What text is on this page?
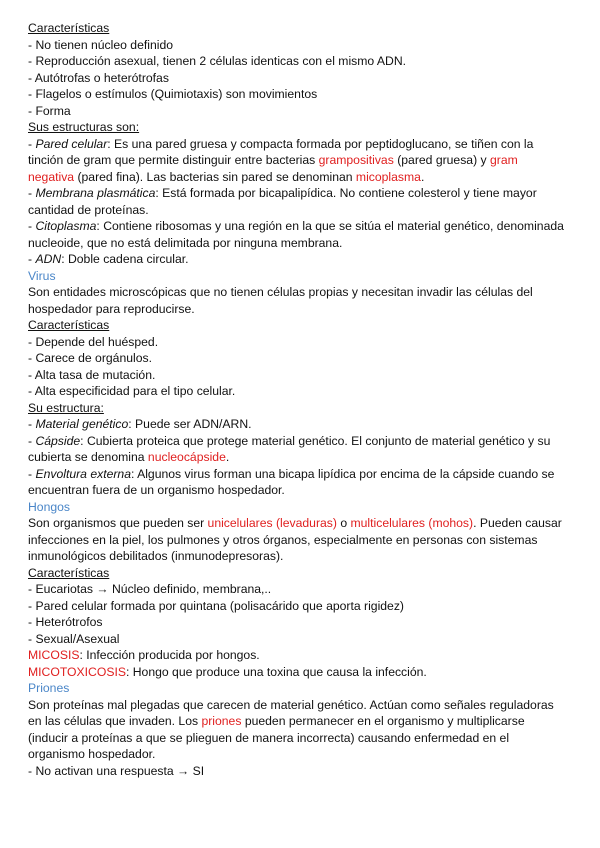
Características
- No tienen núcleo definido
- Reproducción asexual, tienen 2 células identicas con el mismo ADN.
- Autótrofas o heterótrofas
- Flagelos o estímulos (Quimiotaxis) son movimientos
- Forma
Sus estructuras son:

- Pared celular: Es una pared gruesa y compacta formada por peptidoglucano, se tiñen con la tinción de gram que permite distinguir entre bacterias grampositivas (pared gruesa) y gram negativa (pared fina). Las bacterias sin pared se denominan micoplasma.

- Membrana plasmática: Está formada por bicapalipídica. No contiene colesterol y tiene mayor cantidad de proteínas.

- Citoplasma: Contiene ribosomas y una región en la que se sitúa el material genético, denominada nucleoide, que no está delimitada por ninguna membrana.

- ADN: Doble cadena circular.

Virus

Son entidades microscópicas que no tienen células propias y necesitan invadir las células del hospedador para reproducirse.

Características
- Depende del huésped.
- Carece de orgánulos.
- Alta tasa de mutación.
- Alta especificidad para el tipo celular.
Su estructura:

- Material genético: Puede ser ADN/ARN.

- Cápside: Cubierta proteica que protege material genético. El conjunto de material genético y su cubierta se denomina nucleocápside.

- Envoltura externa: Algunos virus forman una bicapa lipídica por encima de la cápside cuando se encuentran fuera de un organismo hospedador.

Hongos

Son organismos que pueden ser unicelulares (levaduras) o multicelulares (mohos). Pueden causar infecciones en la piel, los pulmones y otros órganos, especialmente en personas con sistemas inmunológicos debilitados (inmunodepresoras).

Características
- Eucariotas → Núcleo definido, membrana,..
- Pared celular formada por quintana (polisacárido que aporta rigidez)
- Heterótrofos
- Sexual/Asexual
MICOSIS: Infección producida por hongos.
MICOTOXICOSIS: Hongo que produce una toxina que causa la infección.
Priones

Son proteínas mal plegadas que carecen de material genético. Actúan como señales reguladoras en las células que invaden. Los priones pueden permanecer en el organismo y multiplicarse (inducir a proteínas a que se plieguen de manera incorrecta) causando enfermedad en el organismo hospedador.

- No activan una respuesta → SI
